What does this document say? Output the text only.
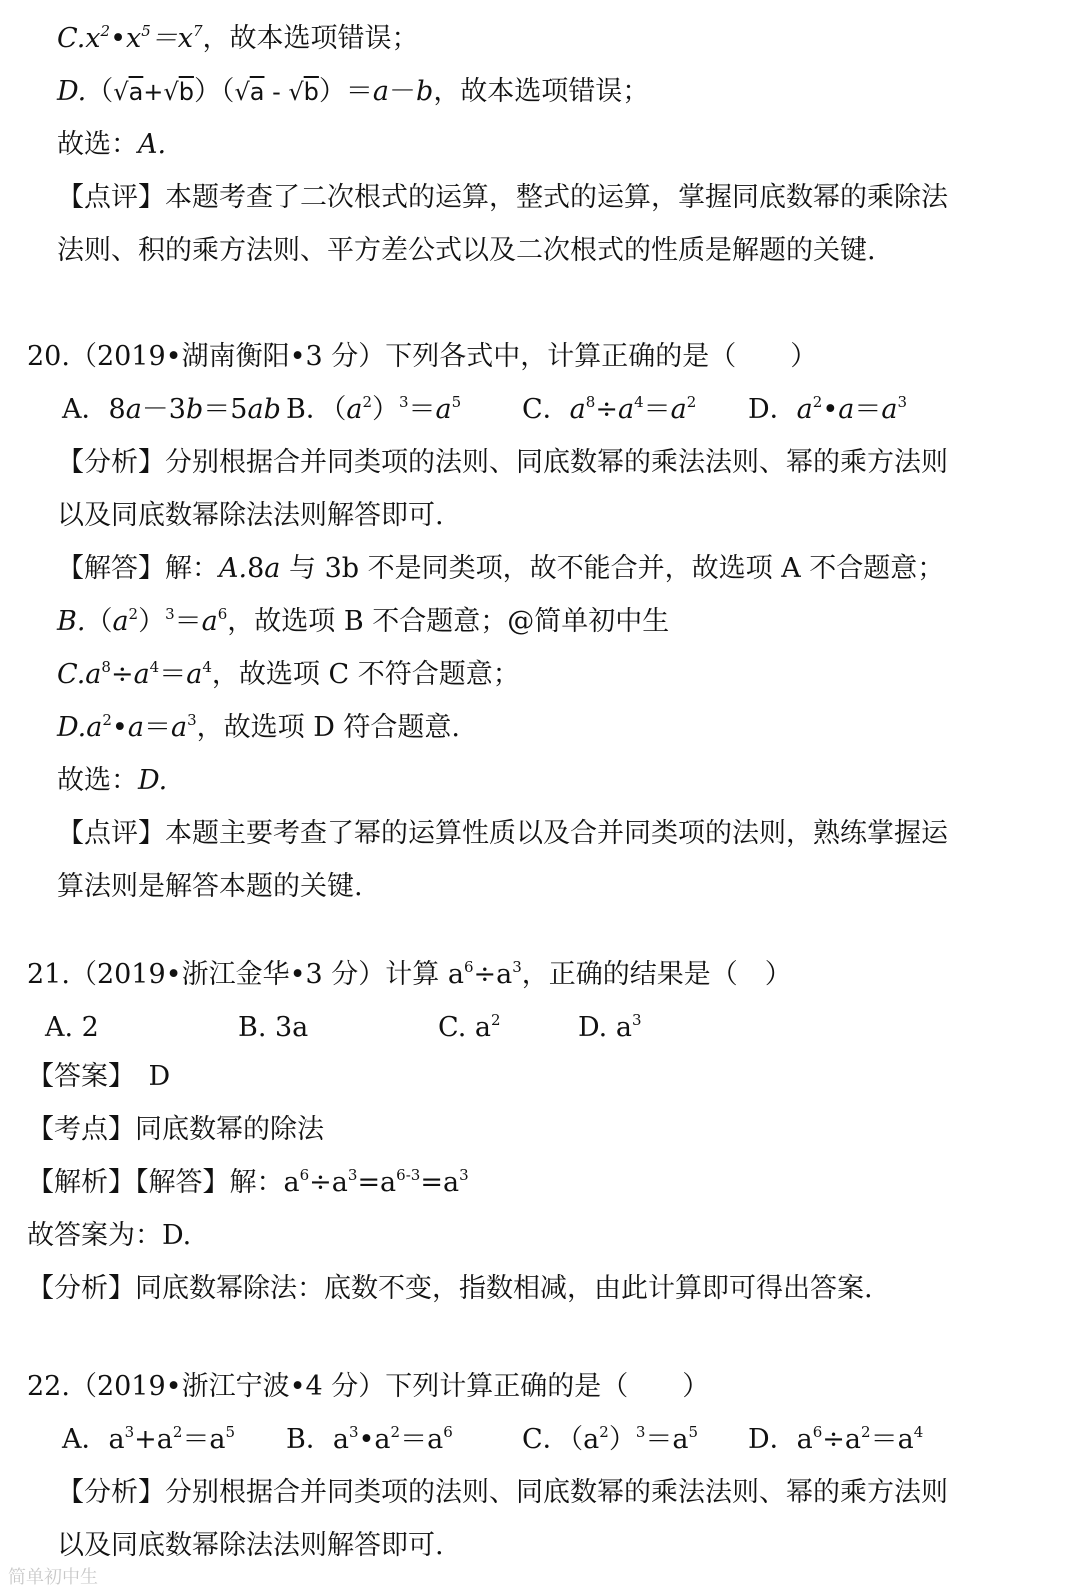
$C.x^2•x^5=x^7$，故本选项错误；
D.（√a+√b）（√a - √b）＝a－b，故本选项错误；
故选：A.
【点评】本题考查了二次根式的运算，整式的运算，掌握同底数幂的乘除法
法则、积的乘方法则、平方差公式以及二次根式的性质是解题的关键.
20.（2019•湖南衡阳•3 分）下列各式中，计算正确的是（　　）
A．8a－3b＝5ab B．$(a^2)^3=a^5$ C．$a^8\div a^4=a^2$ D．$a^2•a=a^3$
【分析】分别根据合并同类项的法则、同底数幂的乘法法则、幂的乘方法则
以及同底数幂除法法则解答即可.
【解答】解：A.8a 与 3b 不是同类项，故不能合并，故选项 A 不合题意；
$B.(a^2)^3=a^6$，故选项 B 不合题意；@简单初中生
$C.a^8\div a^4=a^4$，故选项 C 不符合题意；
$D.a^2•a=a^3$，故选项 D 符合题意.
故选：D.
【点评】本题主要考查了幂的运算性质以及合并同类项的法则，熟练掌握运
算法则是解答本题的关键.
21.（2019•浙江金华•3 分）计算 $a^6\div a^3$，正确的结果是（　）
A. 2	B. 3a	C. $a^2$	D. $a^3$
【答案】　D
【考点】同底数幂的除法
【解析】【解答】解：$a^6\div a^3=a^{6-3}=a^3$
故答案为：D.
【分析】同底数幂除法：底数不变，指数相减，由此计算即可得出答案.
22.（2019•浙江宁波•4 分）下列计算正确的是（　　）
A．$a^3+a^2=a^5$ B．$a^3•a^2=a^6$	C．$(a^2)^3=a^5$ D．$a^6\div a^2=a^4$
【分析】分别根据合并同类项的法则、同底数幂的乘法法则、幂的乘方法则
以及同底数幂除法法则解答即可.
简单初中生
